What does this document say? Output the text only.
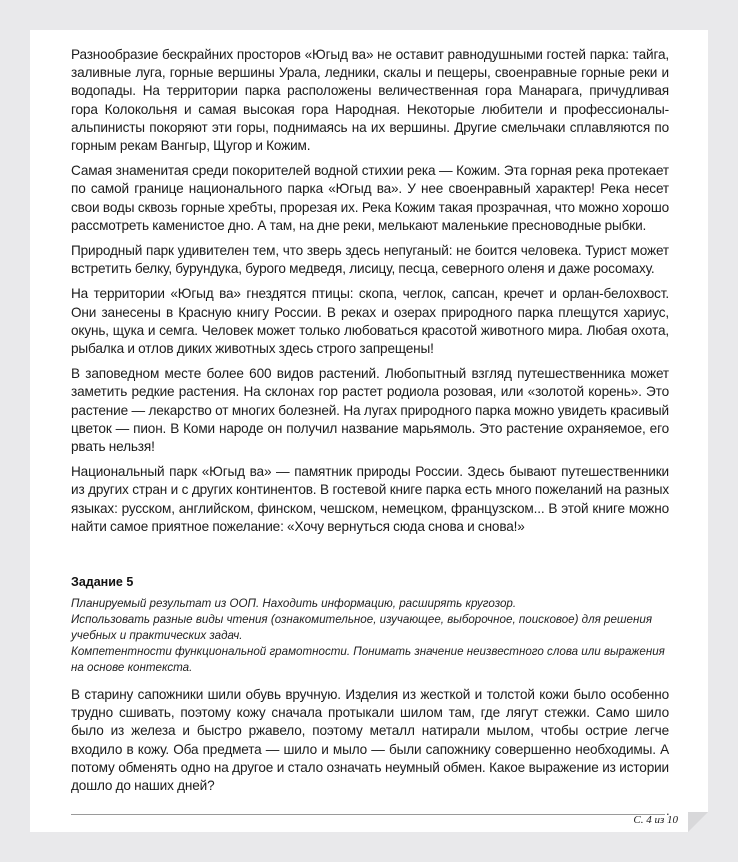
Разнообразие бескрайних просторов «Югыд ва» не оставит равнодушными гостей парка: тайга, заливные луга, горные вершины Урала, ледники, скалы и пещеры, своенравные горные реки и водопады. На территории парка расположены величественная гора Манарага, причудливая гора Колокольня и самая высокая гора Народная. Некоторые любители и профессионалы-альпинисты покоряют эти горы, поднимаясь на их вершины. Другие смельчаки сплавляются по горным рекам Вангыр, Щугор и Кожим.

Самая знаменитая среди покорителей водной стихии река — Кожим. Эта горная река протекает по самой границе национального парка «Югыд ва». У нее своенравный характер! Река несет свои воды сквозь горные хребты, прорезая их. Река Кожим такая прозрачная, что можно хорошо рассмотреть каменистое дно. А там, на дне реки, мелькают маленькие пресноводные рыбки.

Природный парк удивителен тем, что зверь здесь непуганый: не боится человека. Турист может встретить белку, бурундука, бурого медведя, лисицу, песца, северного оленя и даже росомаху.

На территории «Югыд ва» гнездятся птицы: скопа, чеглок, сапсан, кречет и орлан-белохвост. Они занесены в Красную книгу России. В реках и озерах природного парка плещутся хариус, окунь, щука и семга. Человек может только любоваться красотой животного мира. Любая охота, рыбалка и отлов диких животных здесь строго запрещены!

В заповедном месте более 600 видов растений. Любопытный взгляд путешественника может заметить редкие растения. На склонах гор растет родиола розовая, или «золотой корень». Это растение — лекарство от многих болезней. На лугах природного парка можно увидеть красивый цветок — пион. В Коми народе он получил название марьямоль. Это растение охраняемое, его рвать нельзя!

Национальный парк «Югыд ва» — памятник природы России. Здесь бывают путешественники из других стран и с других континентов. В гостевой книге парка есть много пожеланий на разных языках: русском, английском, финском, чешском, немецком, французском... В этой книге можно найти самое приятное пожелание: «Хочу вернуться сюда снова и снова!»

Задание 5
Планируемый результат из ООП. Находить информацию, расширять кругозор.
Использовать разные виды чтения (ознакомительное, изучающее, выборочное, поисковое) для решения учебных и практических задач.
Компетентности функциональной грамотности. Понимать значение неизвестного слова или выражения на основе контекста.

В старину сапожники шили обувь вручную. Изделия из жесткой и толстой кожи было особенно трудно сшивать, поэтому кожу сначала протыкали шилом там, где лягут стежки. Само шило было из железа и быстро ржавело, поэтому металл натирали мылом, чтобы острие легче входило в кожу. Оба предмета — шило и мыло — были сапожнику совершенно необходимы. А потому обменять одно на другое и стало означать неумный обмен. Какое выражение из истории дошло до наших дней?

.
С. 4 из 10
